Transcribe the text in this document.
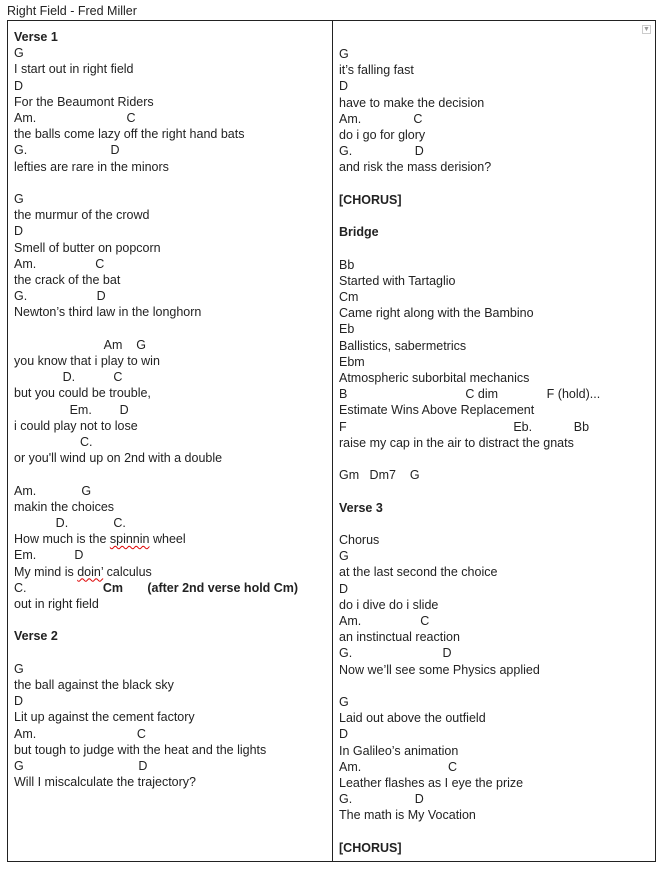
Right Field - Fred Miller
Verse 1
G
I start out in right field
D
For the Beaumont Riders
Am.                          C
the balls come lazy off the right hand bats
G.                        D
lefties are rare in the minors
G
the murmur of the crowd
D
Smell of butter on popcorn
Am.                 C
the crack of the bat
G.                    D
Newton’s third law in the longhorn
Am    G
you know that i play to win
D.           C
but you could be trouble,
Em.        D
i could play not to lose
C.
or you'll wind up on 2nd with a double
Am.             G
makin the choices
D.             C.
How much is the spinnin wheel
Em.           D
My mind is doin’ calculus
C.                      Cm       (after 2nd verse hold Cm)
out in right field
Verse 2
G
the ball against the black sky
D
Lit up against the cement factory
Am.                             C
but tough to judge with the heat and the lights
G                                 D
Will I miscalculate the trajectory?
▼
G
it’s falling fast
D
have to make the decision
Am.               C
do i go for glory
G.                  D
and risk the mass derision?
[CHORUS]
Bridge
Bb
Started with Tartaglio
Cm
Came right along with the Bambino
Eb
Ballistics, sabermetrics
Ebm
Atmospheric suborbital mechanics
B                                  C dim              F (hold)...
Estimate Wins Above Replacement
F                                                Eb.            Bb
raise my cap in the air to distract the gnats
Gm   Dm7    G
Verse 3
Chorus
G
at the last second the choice
D
do i dive do i slide
Am.                 C
an instinctual reaction
G.                          D
Now we’ll see some Physics applied
G
Laid out above the outfield
D
In Galileo’s animation
Am.                         C
Leather flashes as I eye the prize
G.                  D
The math is My Vocation
[CHORUS]
